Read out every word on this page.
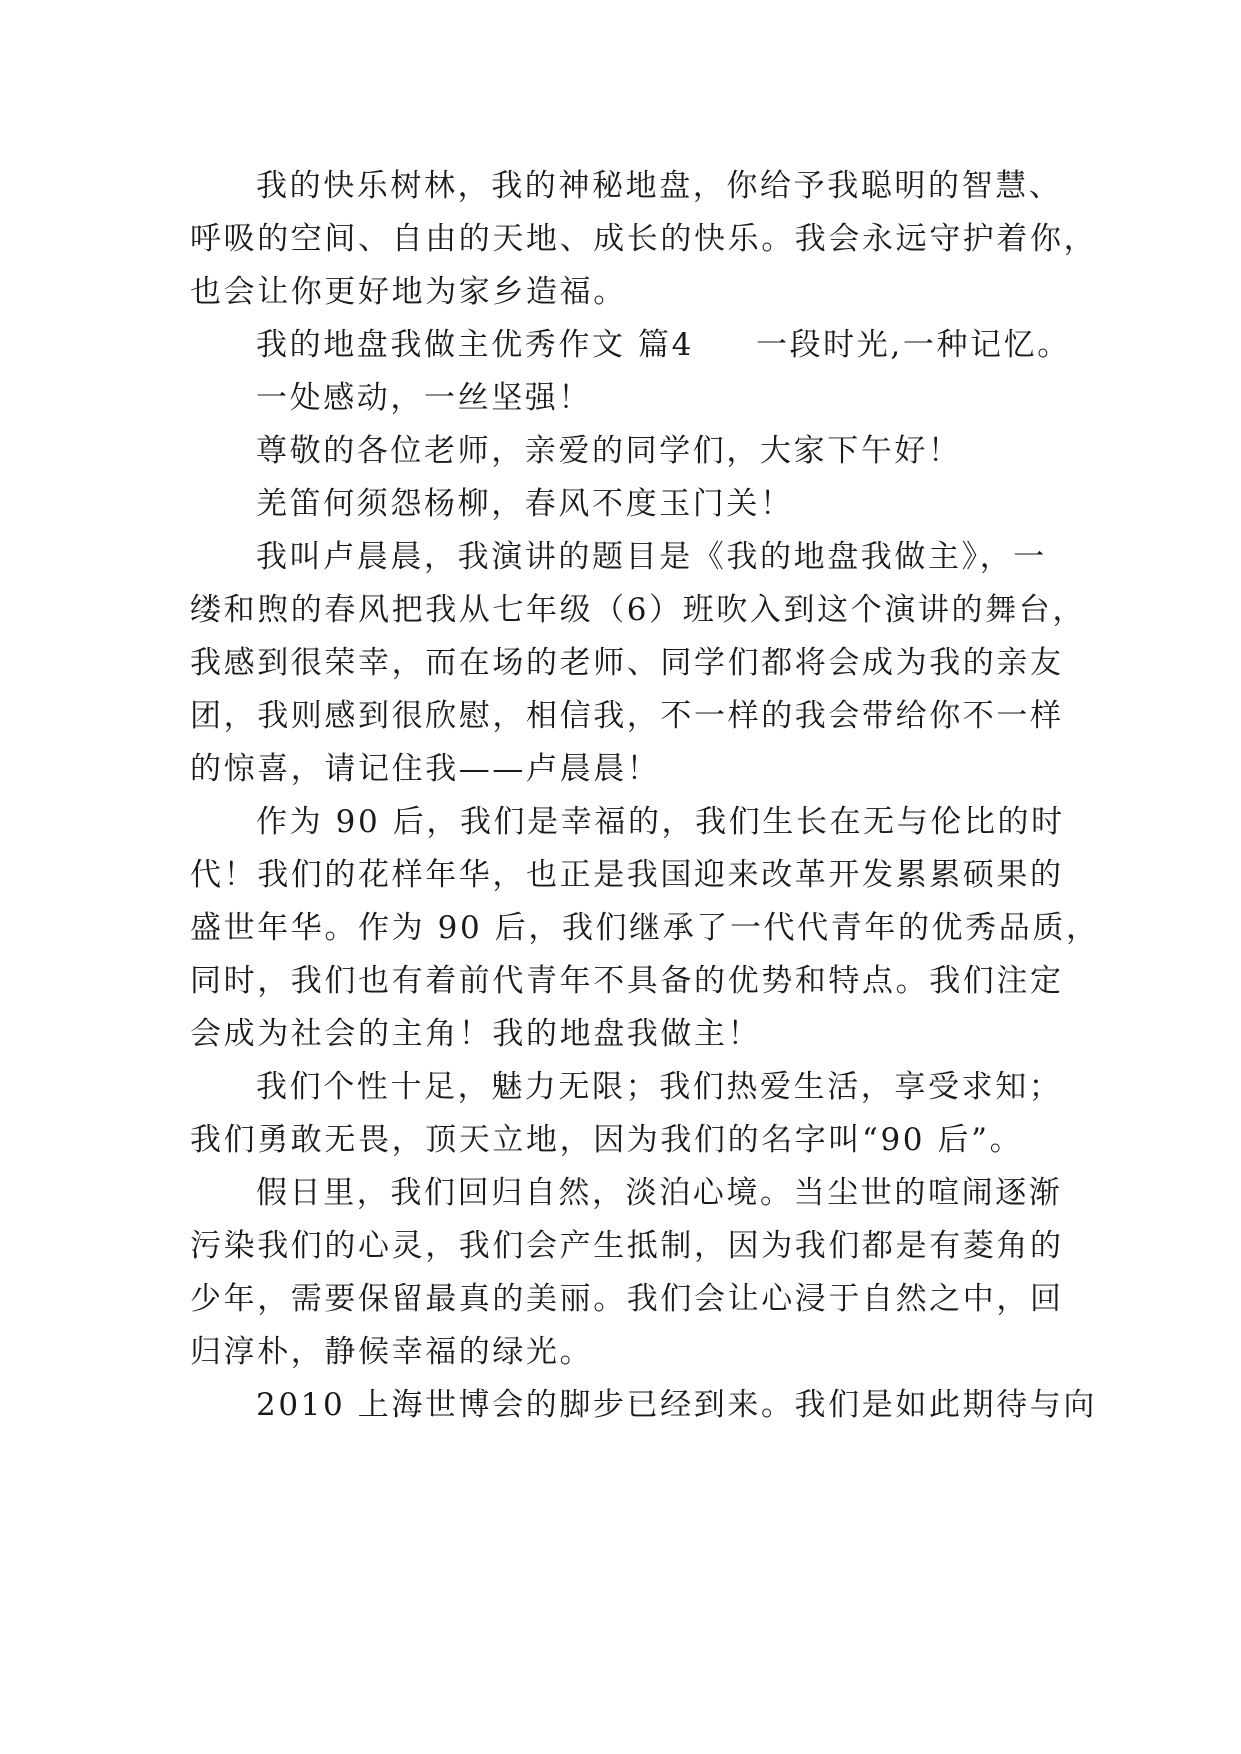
我的快乐树林，我的神秘地盘，你给予我聪明的智慧、
呼吸的空间、自由的天地、成长的快乐。我会永远守护着你，
也会让你更好地为家乡造福。
我的地盘我做主优秀作文 篇4 一段时光,一种记忆。
一处感动，一丝坚强！
尊敬的各位老师，亲爱的同学们，大家下午好！
羌笛何须怨杨柳，春风不度玉门关！
我叫卢晨晨，我演讲的题目是《我的地盘我做主》，一
缕和煦的春风把我从七年级（6）班吹入到这个演讲的舞台，
我感到很荣幸，而在场的老师、同学们都将会成为我的亲友
团，我则感到很欣慰，相信我，不一样的我会带给你不一样
的惊喜，请记住我——卢晨晨！
作为 90 后，我们是幸福的，我们生长在无与伦比的时
代！我们的花样年华，也正是我国迎来改革开发累累硕果的
盛世年华。作为 90 后，我们继承了一代代青年的优秀品质，
同时，我们也有着前代青年不具备的优势和特点。我们注定
会成为社会的主角！我的地盘我做主！
我们个性十足，魅力无限；我们热爱生活，享受求知；
我们勇敢无畏，顶天立地，因为我们的名字叫“90 后”。
假日里，我们回归自然，淡泊心境。当尘世的喧闹逐渐
污染我们的心灵，我们会产生抵制，因为我们都是有菱角的
少年，需要保留最真的美丽。我们会让心浸于自然之中，回
归淳朴，静候幸福的绿光。
2010 上海世博会的脚步已经到来。我们是如此期待与向
